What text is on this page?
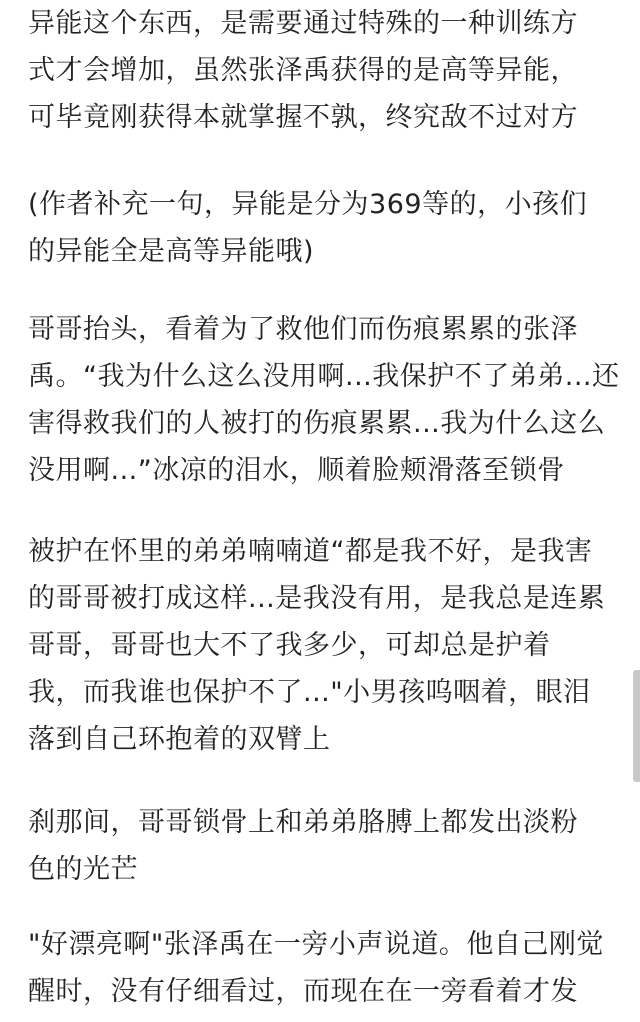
异能这个东西，是需要通过特殊的一种训练方
式才会增加，虽然张泽禹获得的是高等异能，
可毕竟刚获得本就掌握不孰，终究敌不过对方

(作者补充一句，异能是分为369等的，小孩们
的异能全是高等异能哦)

哥哥抬头，看着为了救他们而伤痕累累的张泽
禹。“我为什么这么没用啊...我保护不了弟弟...还
害得救我们的人被打的伤痕累累...我为什么这么
没用啊...”冰凉的泪水，顺着脸颊滑落至锁骨

被护在怀里的弟弟喃喃道“都是我不好，是我害
的哥哥被打成这样...是我没有用，是我总是连累
哥哥，哥哥也大不了我多少，可却总是护着
我，而我谁也保护不了..."小男孩呜咽着，眼泪
落到自己环抱着的双臂上

刹那间，哥哥锁骨上和弟弟胳膊上都发出淡粉
色的光芒

"好漂亮啊"张泽禹在一旁小声说道。他自己刚觉
醒时，没有仔细看过，而现在在一旁看着才发
